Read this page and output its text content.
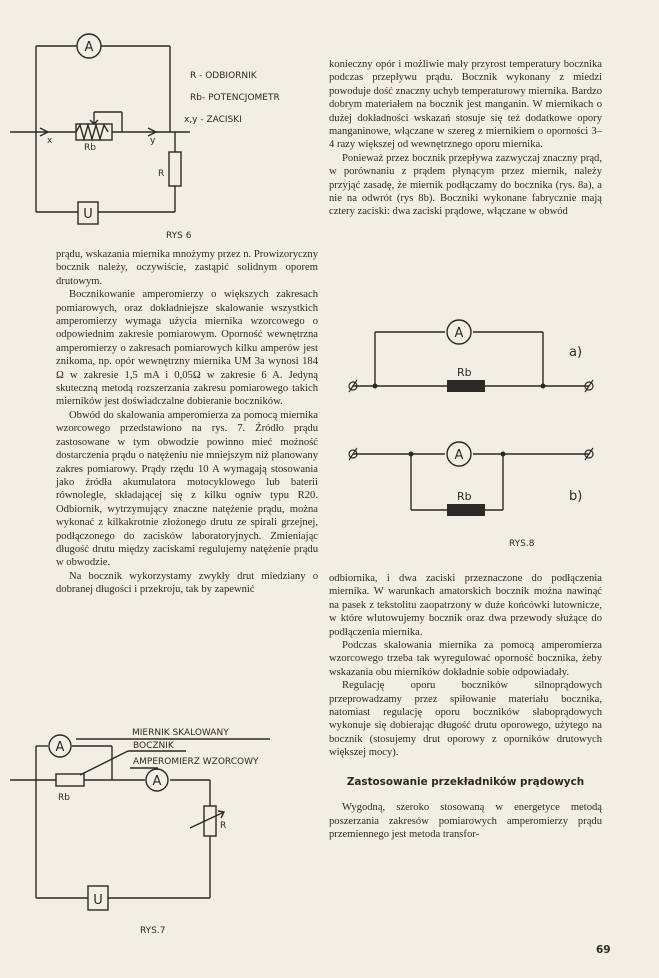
A
U
Rb
R
x	y
R - ODBIORNIK
Rb- POTENCJOMETR
x,y - ZACISKI
RYS 6

prądu, wskazania miernika mnożymy przez n. Prowizoryczny bocznik należy, oczywiście, zastąpić solidnym oporem drutowym.

Bocznikowanie amperomierzy o większych zakresach pomiarowych, oraz dokładniejsze skalowanie wszystkich amperomierzy wymaga użycia miernika wzorcowego o odpowiednim zakresie pomiarowym. Oporność wewnętrzna amperomierzy o zakresach pomiarowych kilku amperów jest znikoma, np. opór wewnętrzny miernika UM 3a wynosi 184 Ω w zakresie 1,5 mA i 0,05Ω w zakresie 6 A. Jedyną skuteczną metodą rozszerzania zakresu pomiarowego takich mierników jest doświadczalne dobieranie boczników.

Obwód do skalowania amperomierza za pomocą miernika wzorcowego przedstawiono na rys. 7. Źródło prądu zastosowane w tym obwodzie powinno mieć możność dostarczenia prądu o natężeniu nie mniejszym niż planowany zakres pomiarowy. Prądy rzędu 10 A wymagają stosowania jako źródła akumulatora motocyklowego lub baterii równolegle, składającej się z kilku ogniw typu R20. Odbiornik, wytrzymujący znaczne natężenie prądu, można wykonać z kilkakrotnie złożonego drutu ze spirali grzejnej, podłączonego do zacisków laboratoryjnych. Zmieniając długość drutu między zaciskami regulujemy natężenie prądu w obwodzie.

Na bocznik wykorzystamy zwykły drut miedziany o dobranej długości i przekroju, tak by zapewnić

A
A
U
Rb
R
MIERNIK SKALOWANY
BOCZNIK
AMPEROMIERZ WZORCOWY
RYS.7

konieczny opór i możliwie mały przyrost temperatury bocznika podczas przepływu prądu. Bocznik wykonany z miedzi powoduje dość znaczny uchyb temperaturowy miernika. Bardzo dobrym materiałem na bocznik jest manganin. W miernikach o dużej dokładności wskazań stosuje się też dodatkowe opory manganinowe, włączane w szereg z miernikiem o oporności 3–4 razy większej od wewnętrznego oporu miernika.

Ponieważ przez bocznik przepływa zazwyczaj znaczny prąd, w porównaniu z prądem płynącym przez miernik, należy przyjąć zasadę, że miernik podłączamy do bocznika (rys. 8a), a nie na odwrót (rys 8b). Boczniki wykonane fabrycznie mają cztery zaciski: dwa zaciski prądowe, włączane w obwód

A
A
Rb
Rb
a)
b)
RYS.8

odbiornika, i dwa zaciski przeznaczone do podłączenia miernika. W warunkach amatorskich bocznik można nawinąć na pasek z tekstolitu zaopatrzony w duże końcówki lutownicze, w które wlutowujemy bocznik oraz dwa przewody służące do podłączenia miernika.

Podczas skalowania miernika za pomocą amperomierza wzorcowego trzeba tak wyregulować oporność bocznika, żeby wskazania obu mierników dokładnie sobie odpowiadały.

Regulację oporu boczników silnoprądowych przeprowadzamy przez spiłowanie materiału bocznika, natomiast regulację oporu boczników słaboprądowych wykonuje się dobierając długość drutu oporowego, użytego na bocznik (stosujemy drut oporowy z oporników drutowych większej mocy).

Zastosowanie przekładników prądowych

Wygodną, szeroko stosowaną w energetyce metodą poszerzania zakresów pomiarowych amperomierzy prądu przemiennego jest metoda transfor-

69
